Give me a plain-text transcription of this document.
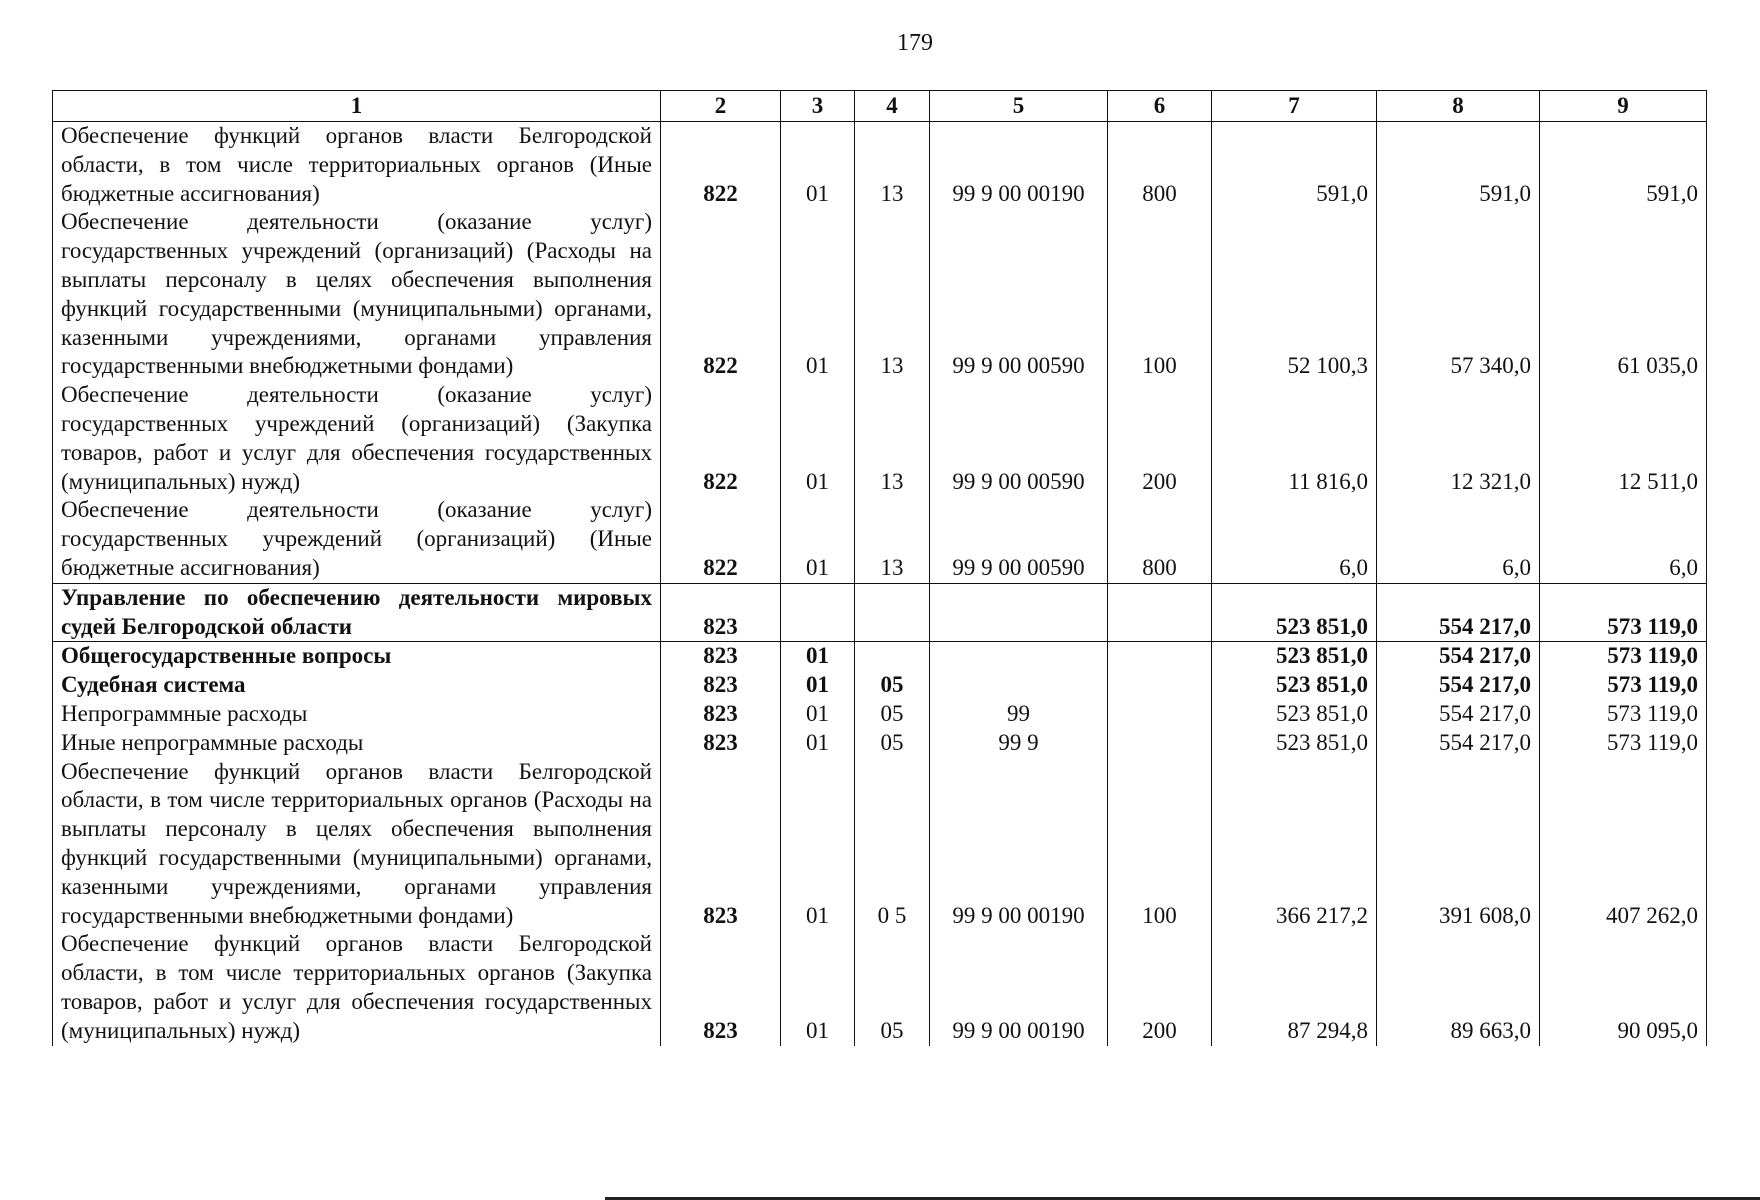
179
1	2	3	4	5	6	7	8	9
Обеспечение функций органов власти Белгородской области, в том числе территориальных органов (Иные бюджетные ассигнования)	822	01	13	99 9 00 00190	800	591,0	591,0	591,0
Обеспечение деятельности (оказание услуг) государственных учреждений (организаций) (Расходы на выплаты персоналу в целях обеспечения выполнения функций государственными (муниципальными) органами, казенными учреждениями, органами управления государственными внебюджетными фондами)	822	01	13	99 9 00 00590	100	52 100,3	57 340,0	61 035,0
Обеспечение деятельности (оказание услуг) государственных учреждений (организаций) (Закупка товаров, работ и услуг для обеспечения государственных (муниципальных) нужд)	822	01	13	99 9 00 00590	200	11 816,0	12 321,0	12 511,0
Обеспечение деятельности (оказание услуг) государственных учреждений (организаций) (Иные бюджетные ассигнования)	822	01	13	99 9 00 00590	800	6,0	6,0	6,0
Управление по обеспечению деятельности мировых судей Белгородской области	823					523 851,0	554 217,0	573 119,0
Общегосударственные вопросы	823	01				523 851,0	554 217,0	573 119,0
Судебная система	823	01	05			523 851,0	554 217,0	573 119,0
Непрограммные расходы	823	01	05	99		523 851,0	554 217,0	573 119,0
Иные непрограммные расходы	823	01	05	99 9		523 851,0	554 217,0	573 119,0
Обеспечение функций органов власти Белгородской области, в том числе территориальных органов (Расходы на выплаты персоналу в целях обеспечения выполнения функций государственными (муниципальными) органами, казенными учреждениями, органами управления государственными внебюджетными фондами)	823	01	0 5	99 9 00 00190	100	366 217,2	391 608,0	407 262,0
Обеспечение функций органов власти Белгородской области, в том числе территориальных органов (Закупка товаров, работ и услуг для обеспечения государственных (муниципальных) нужд)	823	01	05	99 9 00 00190	200	87 294,8	89 663,0	90 095,0
